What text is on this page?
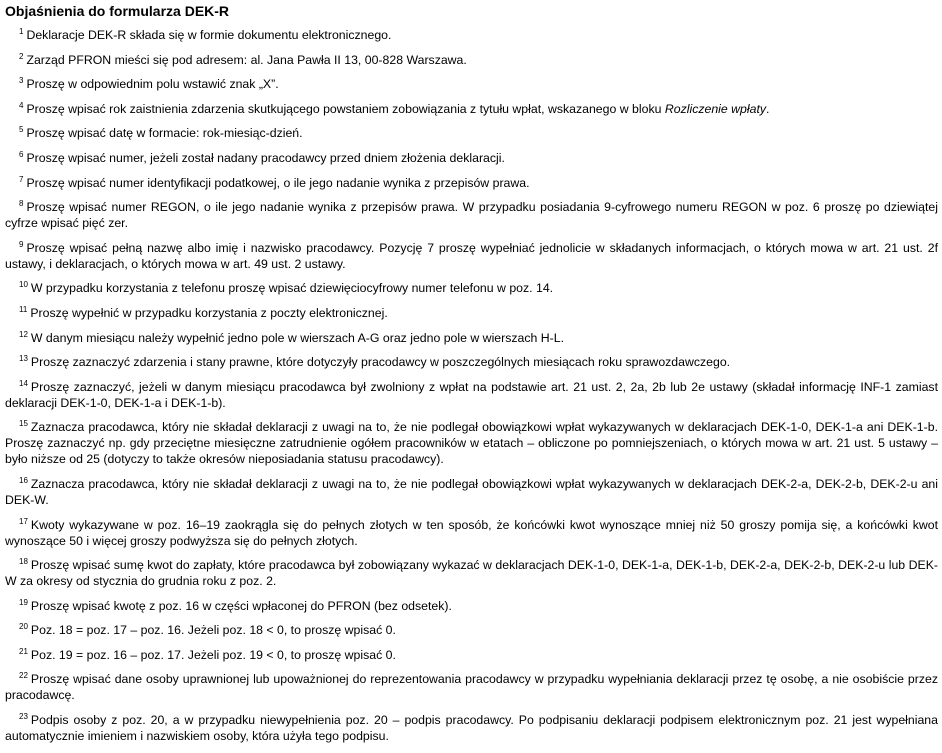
Objaśnienia do formularza DEK-R
$^1$ Deklaracje DEK-R składa się w formie dokumentu elektronicznego.
$^2$ Zarząd PFRON mieści się pod adresem: al. Jana Pawła II 13, 00-828 Warszawa.
$^3$ Proszę w odpowiednim polu wstawić znak „X”.
$^4$ Proszę wpisać rok zaistnienia zdarzenia skutkującego powstaniem zobowiązania z tytułu wpłat, wskazanego w bloku Rozliczenie wpłaty.
$^5$ Proszę wpisać datę w formacie: rok-miesiąc-dzień.
$^6$ Proszę wpisać numer, jeżeli został nadany pracodawcy przed dniem złożenia deklaracji.
$^7$ Proszę wpisać numer identyfikacji podatkowej, o ile jego nadanie wynika z przepisów prawa.
$^8$ Proszę wpisać numer REGON, o ile jego nadanie wynika z przepisów prawa. W przypadku posiadania 9-cyfrowego numeru REGON w poz. 6 proszę po dziewiątej cyfrze wpisać pięć zer.
$^9$ Proszę wpisać pełną nazwę albo imię i nazwisko pracodawcy. Pozycję 7 proszę wypełniać jednolicie w składanych informacjach, o których mowa w art. 21 ust. 2f ustawy, i deklaracjach, o których mowa w art. 49 ust. 2 ustawy.
$^{10}$ W przypadku korzystania z telefonu proszę wpisać dziewięciocyfrowy numer telefonu w poz. 14.
$^{11}$ Proszę wypełnić w przypadku korzystania z poczty elektronicznej.
$^{12}$ W danym miesiącu należy wypełnić jedno pole w wierszach A-G oraz jedno pole w wierszach H-L.
$^{13}$ Proszę zaznaczyć zdarzenia i stany prawne, które dotyczyły pracodawcy w poszczególnych miesiącach roku sprawozdawczego.
$^{14}$ Proszę zaznaczyć, jeżeli w danym miesiącu pracodawca był zwolniony z wpłat na podstawie art. 21 ust. 2, 2a, 2b lub 2e ustawy (składał informację INF-1 zamiast deklaracji DEK-1-0, DEK-1-a i DEK-1-b).
$^{15}$ Zaznacza pracodawca, który nie składał deklaracji z uwagi na to, że nie podlegał obowiązkowi wpłat wykazywanych w deklaracjach DEK-1-0, DEK-1-a ani DEK-1-b. Proszę zaznaczyć np. gdy przeciętne miesięczne zatrudnienie ogółem pracowników w etatach – obliczone po pomniejszeniach, o których mowa w art. 21 ust. 5 ustawy – było niższe od 25 (dotyczy to także okresów nieposiadania statusu pracodawcy).
$^{16}$ Zaznacza pracodawca, który nie składał deklaracji z uwagi na to, że nie podlegał obowiązkowi wpłat wykazywanych w deklaracjach DEK-2-a, DEK-2-b, DEK-2-u ani DEK-W.
$^{17}$ Kwoty wykazywane w poz. 16–19 zaokrągla się do pełnych złotych w ten sposób, że końcówki kwot wynoszące mniej niż 50 groszy pomija się, a końcówki kwot wynoszące 50 i więcej groszy podwyższa się do pełnych złotych.
$^{18}$ Proszę wpisać sumę kwot do zapłaty, które pracodawca był zobowiązany wykazać w deklaracjach DEK-1-0, DEK-1-a, DEK-1-b, DEK-2-a, DEK-2-b, DEK-2-u lub DEK-W za okresy od stycznia do grudnia roku z poz. 2.
$^{19}$ Proszę wpisać kwotę z poz. 16 w części wpłaconej do PFRON (bez odsetek).
$^{20}$ Poz. 18 = poz. 17 – poz. 16. Jeżeli poz. 18 < 0, to proszę wpisać 0.
$^{21}$ Poz. 19 = poz. 16 – poz. 17. Jeżeli poz. 19 < 0, to proszę wpisać 0.
$^{22}$ Proszę wpisać dane osoby uprawnionej lub upoważnionej do reprezentowania pracodawcy w przypadku wypełniania deklaracji przez tę osobę, a nie osobiście przez pracodawcę.
$^{23}$ Podpis osoby z poz. 20, a w przypadku niewypełnienia poz. 20 – podpis pracodawcy. Po podpisaniu deklaracji podpisem elektronicznym poz. 21 jest wypełniana automatycznie imieniem i nazwiskiem osoby, która użyła tego podpisu.
